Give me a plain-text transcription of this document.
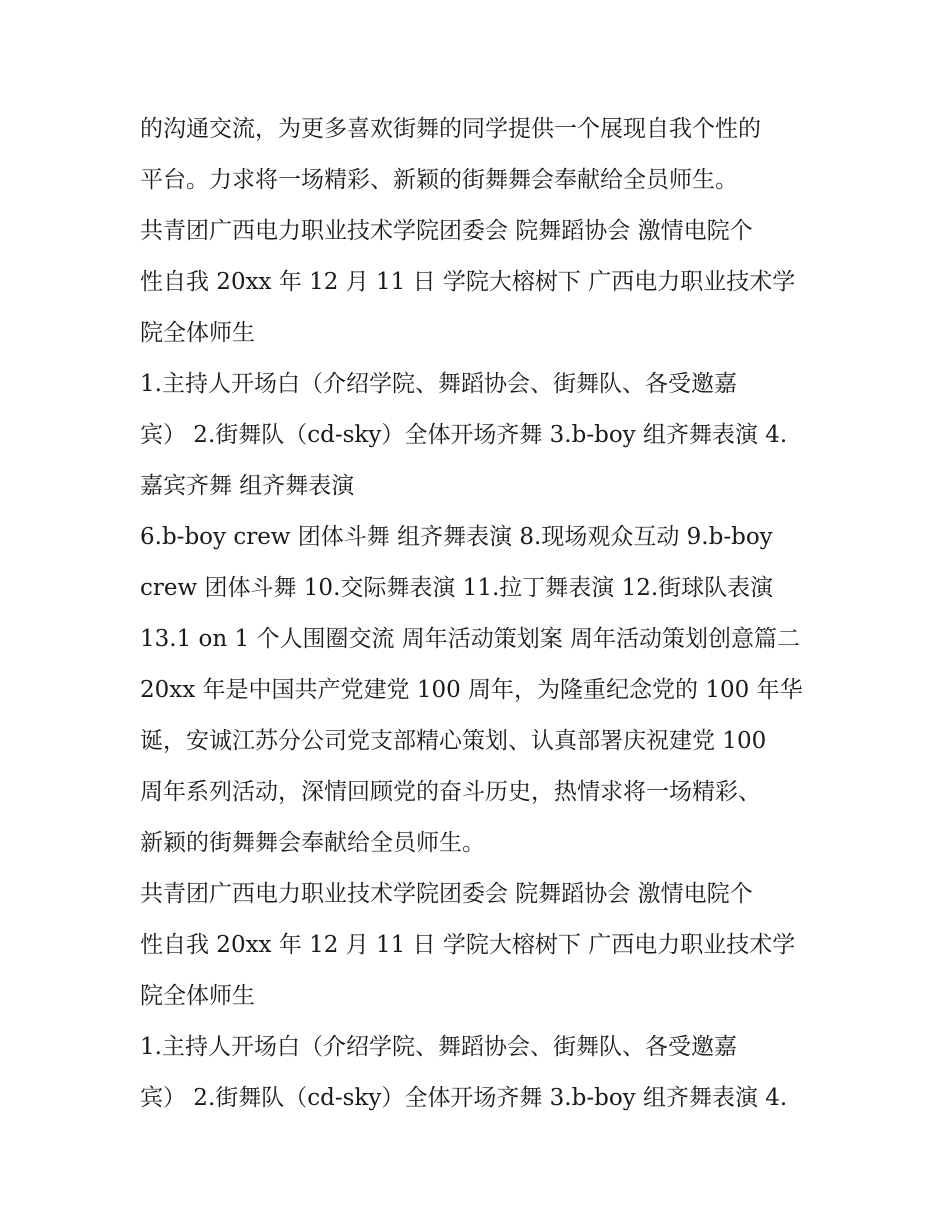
的沟通交流，为更多喜欢街舞的同学提供一个展现自我个性的
平台。力求将一场精彩、新颖的街舞舞会奉献给全员师生。
共青团广西电力职业技术学院团委会 院舞蹈协会 激情电院个
性自我 20xx 年 12 月 11 日 学院大榕树下 广西电力职业技术学
院全体师生
1.主持人开场白（介绍学院、舞蹈协会、街舞队、各受邀嘉
宾） 2.街舞队（cd-sky）全体开场齐舞 3.b-boy 组齐舞表演 4.
嘉宾齐舞 组齐舞表演
6.b-boy crew 团体斗舞 组齐舞表演 8.现场观众互动 9.b-boy
crew 团体斗舞 10.交际舞表演 11.拉丁舞表演 12.街球队表演
13.1 on 1 个人围圈交流 周年活动策划案 周年活动策划创意篇二
20xx 年是中国共产党建党 100 周年，为隆重纪念党的 100 年华
诞，安诚江苏分公司党支部精心策划、认真部署庆祝建党 100
周年系列活动，深情回顾党的奋斗历史，热情求将一场精彩、
新颖的街舞舞会奉献给全员师生。
共青团广西电力职业技术学院团委会 院舞蹈协会 激情电院个
性自我 20xx 年 12 月 11 日 学院大榕树下 广西电力职业技术学
院全体师生
1.主持人开场白（介绍学院、舞蹈协会、街舞队、各受邀嘉
宾） 2.街舞队（cd-sky）全体开场齐舞 3.b-boy 组齐舞表演 4.
